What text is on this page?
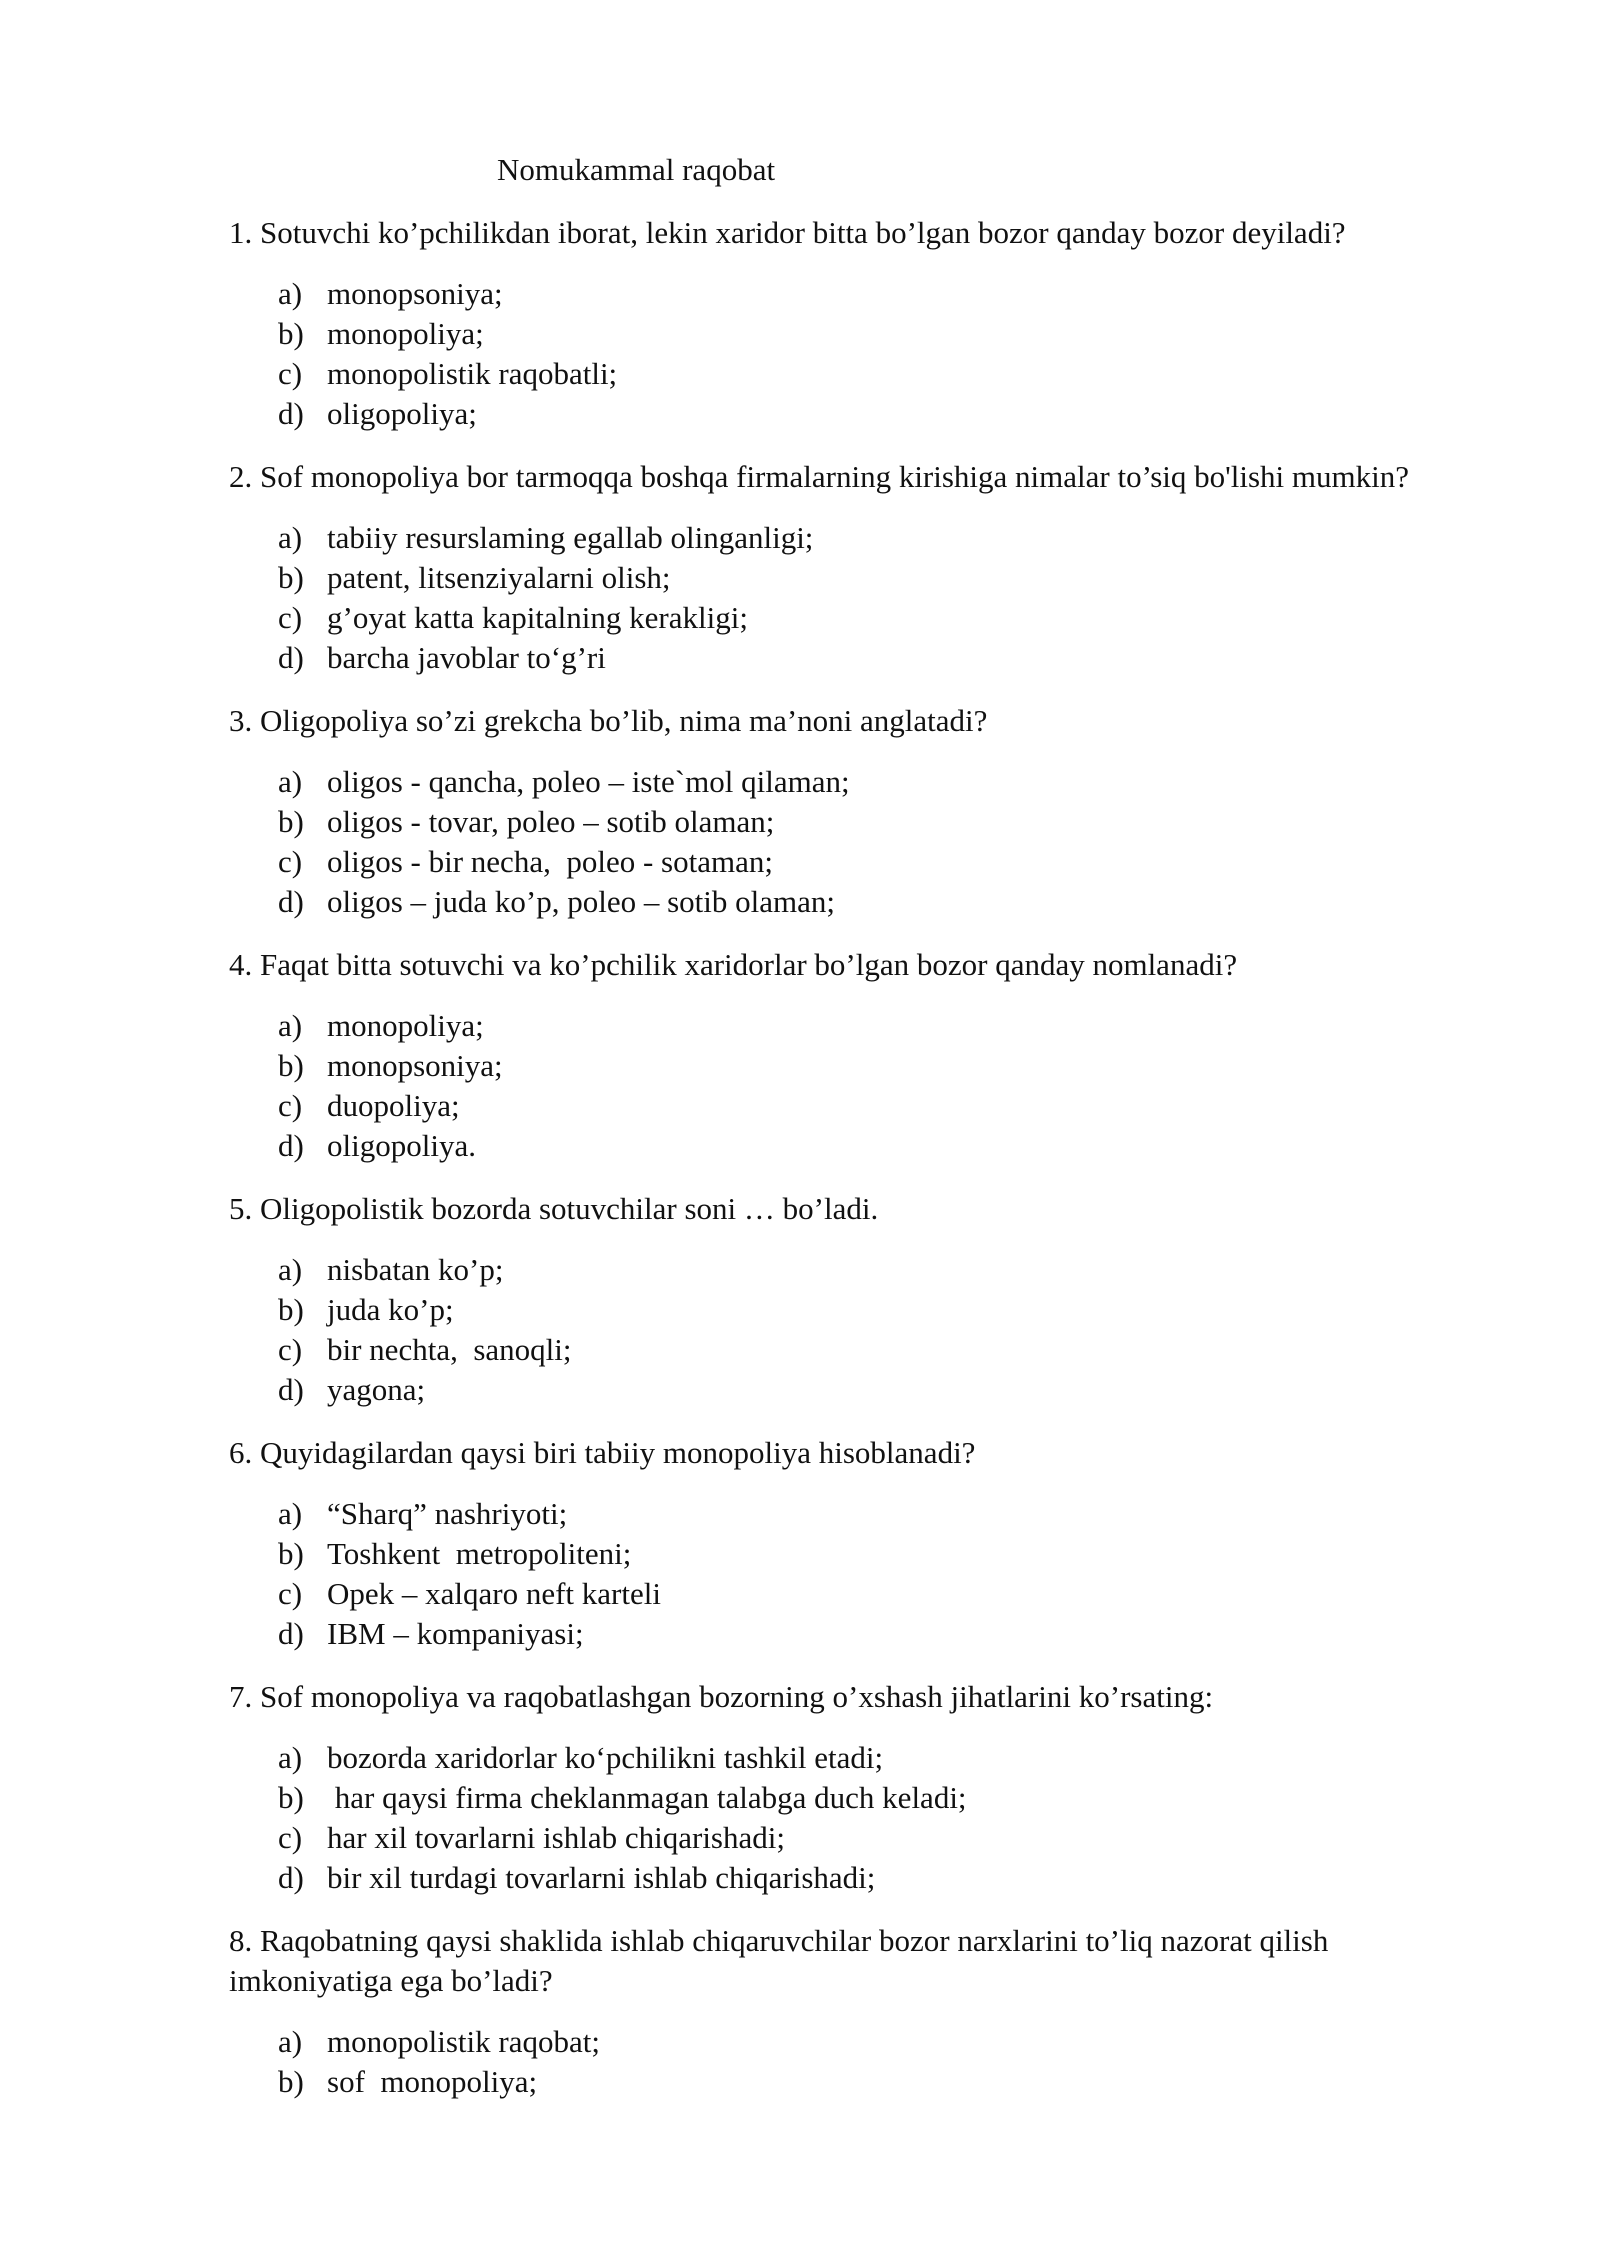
Nomukammal raqobat
1. Sotuvchi ko’pchilikdan iborat, lekin xaridor bitta bo’lgan bozor qanday bozor deyiladi?
a) monopsoniya;
b) monopoliya;
c) monopolistik raqobatli;
d) oligopoliya;
2. Sof monopoliya bor tarmoqqa boshqa firmalarning kirishiga nimalar to’siq bo'lishi mumkin?
a) tabiiy resurslaming egallab olinganligi;
b) patent, litsenziyalarni olish;
c) g’oyat katta kapitalning kerakligi;
d) barcha javoblar to‘g’ri
3. Oligopoliya so’zi grekcha bo’lib, nima ma’noni anglatadi?
a) oligos - qancha, poleo – iste`mol qilaman;
b) oligos - tovar, poleo – sotib olaman;
c) oligos - bir necha,  poleo - sotaman;
d) oligos – juda ko’p, poleo – sotib olaman;
4. Faqat bitta sotuvchi va ko’pchilik xaridorlar bo’lgan bozor qanday nomlanadi?
a) monopoliya;
b) monopsoniya;
c) duopoliya;
d) oligopoliya.
5. Oligopolistik bozorda sotuvchilar soni … bo’ladi.
a) nisbatan ko’p;
b) juda ko’p;
c) bir nechta,  sanoqli;
d) yagona;
6. Quyidagilardan qaysi biri tabiiy monopoliya hisoblanadi?
a) “Sharq” nashriyoti;
b) Toshkent  metropoliteni;
c) Opek – xalqaro neft karteli
d) IBM – kompaniyasi;
7. Sof monopoliya va raqobatlashgan bozorning o’xshash jihatlarini ko’rsating:
a) bozorda xaridorlar ko‘pchilikni tashkil etadi;
b) har qaysi firma cheklanmagan talabga duch keladi;
c) har xil tovarlarni ishlab chiqarishadi;
d) bir xil turdagi tovarlarni ishlab chiqarishadi;
8. Raqobatning qaysi shaklida ishlab chiqaruvchilar bozor narxlarini to’liq nazorat qilish imkoniyatiga ega bo’ladi?
a) monopolistik raqobat;
b) sof  monopoliya;
